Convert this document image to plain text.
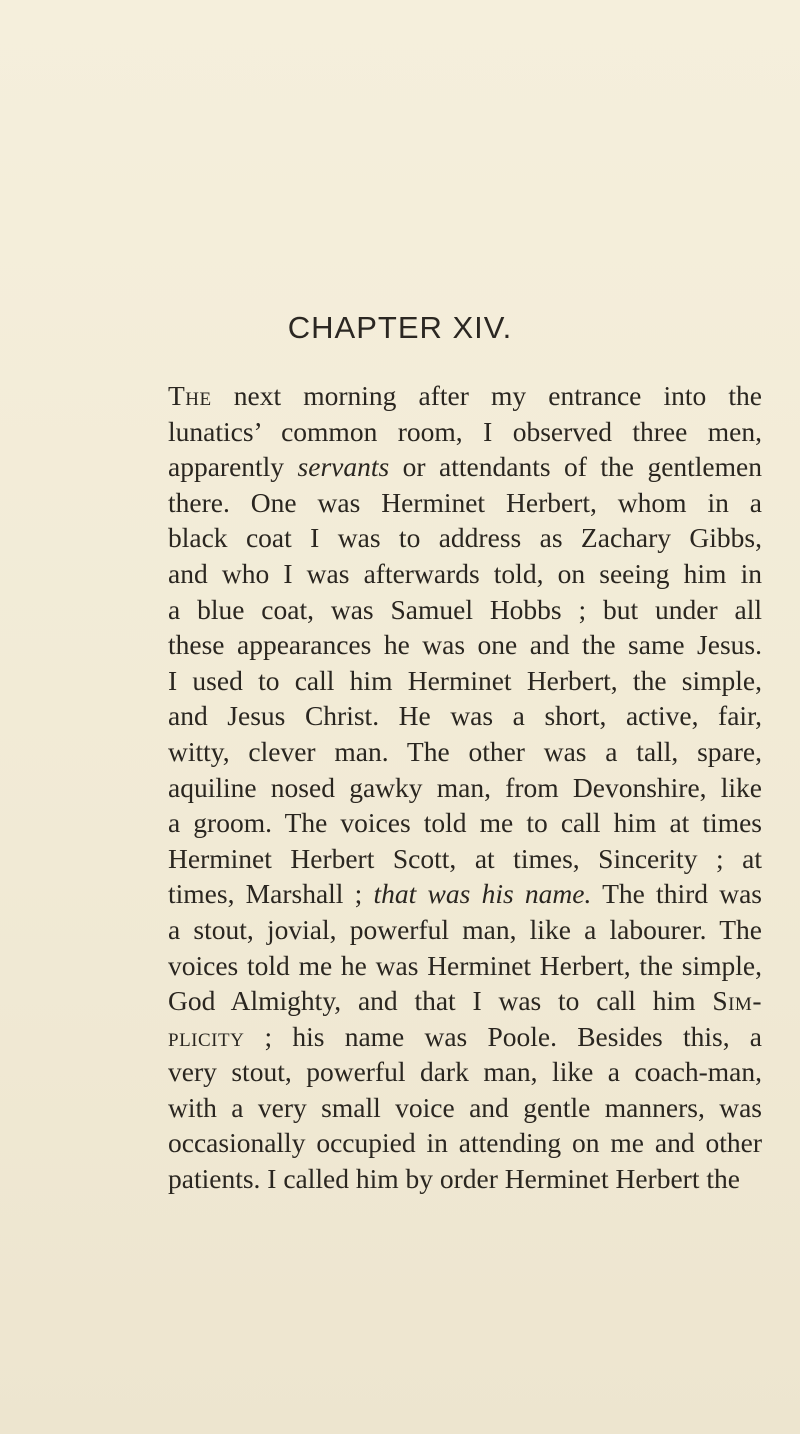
CHAPTER XIV.
The next morning after my entrance into the
lunatics’ common room, I observed three men,
apparently servants or attendants of the gentlemen
there. One was Herminet Herbert, whom in a
black coat I was to address as Zachary Gibbs,
and who I was afterwards told, on seeing him in
a blue coat, was Samuel Hobbs ; but under all
these appearances he was one and the same Jesus.
I used to call him Herminet Herbert, the simple,
and Jesus Christ. He was a short, active, fair,
witty, clever man. The other was a tall, spare,
aquiline nosed gawky man, from Devonshire, like
a groom. The voices told me to call him at times
Herminet Herbert Scott, at times, Sincerity ; at
times, Marshall ; that was his name. The third was
a stout, jovial, powerful man, like a labourer. The
voices told me he was Herminet Herbert, the simple,
God Almighty, and that I was to call him Sim-
plicity ; his name was Poole. Besides this, a
very stout, powerful dark man, like a coach-man,
with a very small voice and gentle manners, was
occasionally occupied in attending on me and other
patients. I called him by order Herminet Herbert the
